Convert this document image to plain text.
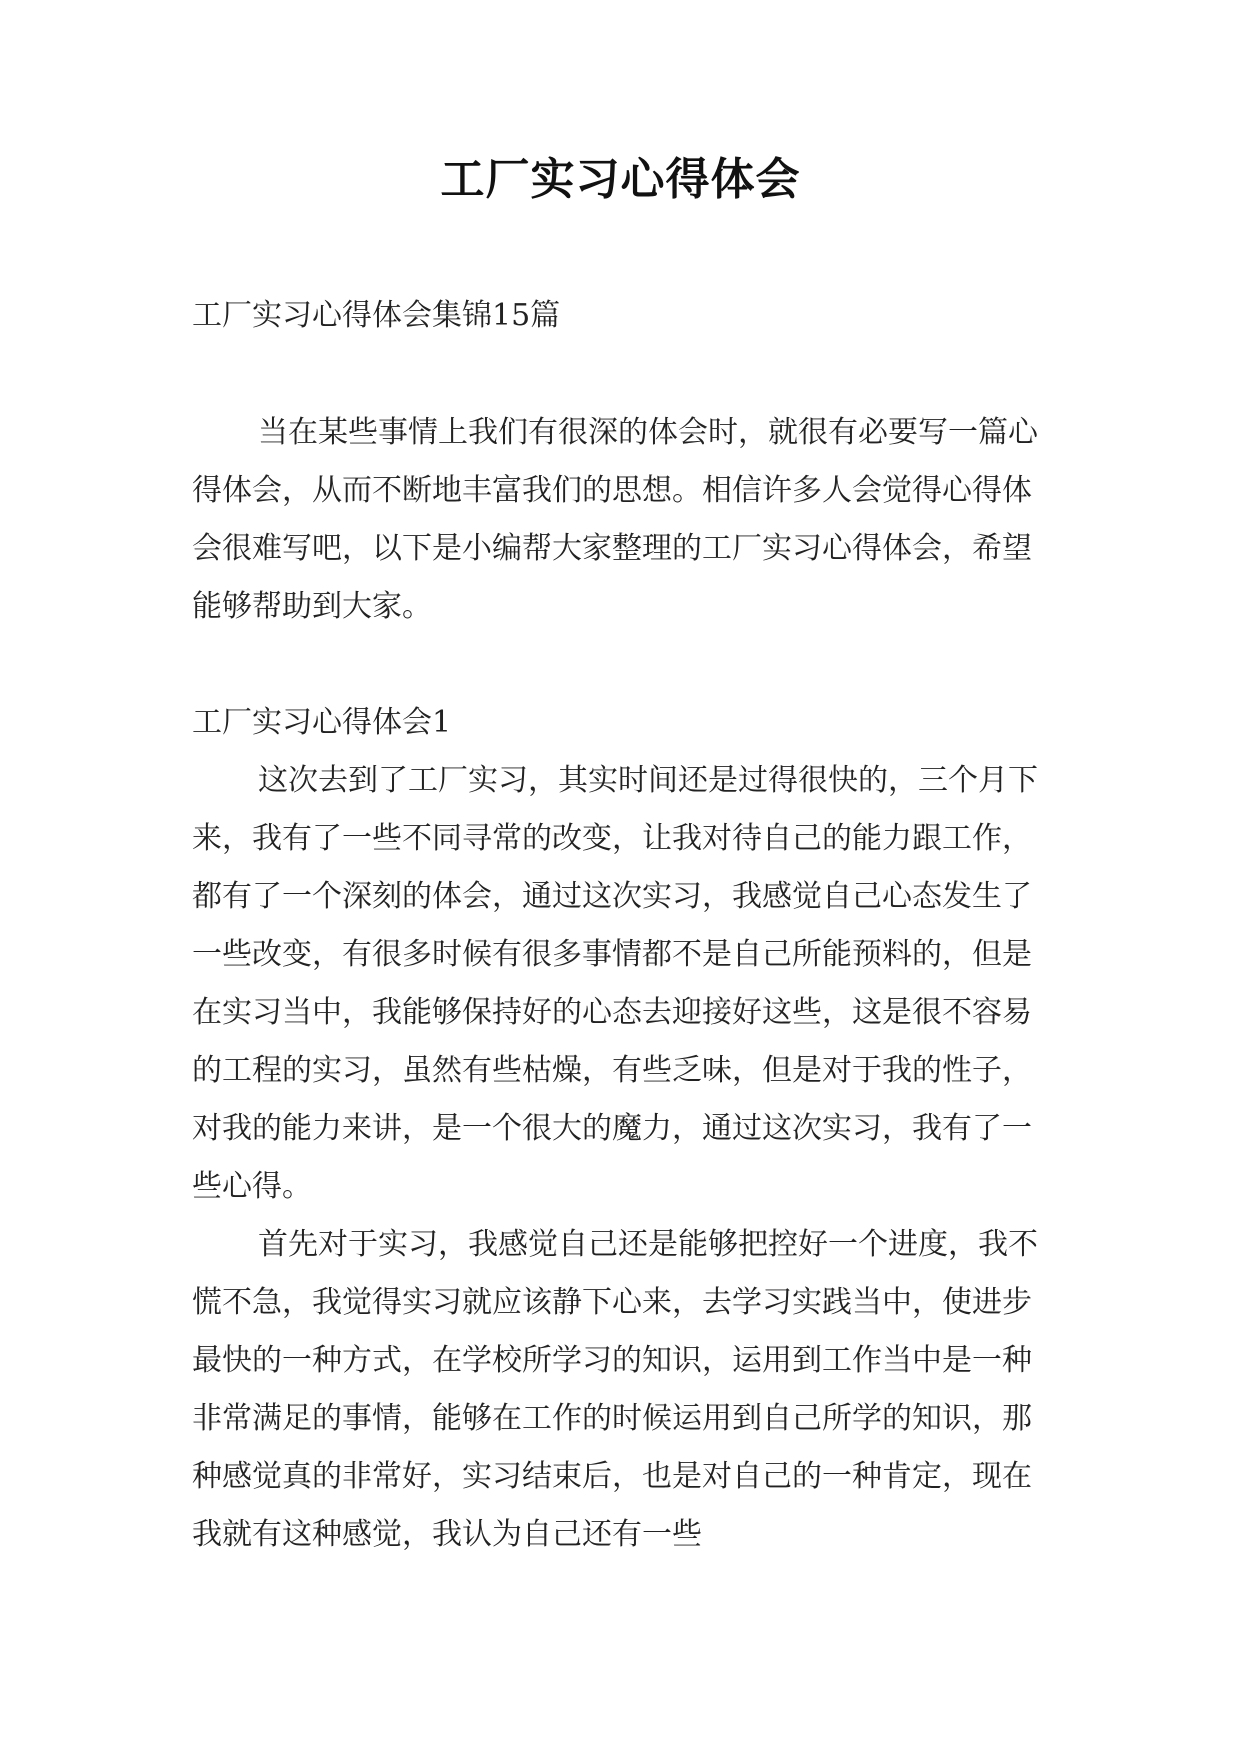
工厂实习心得体会
工厂实习心得体会集锦15篇
当在某些事情上我们有很深的体会时，就很有必要写一篇心得体会，从而不断地丰富我们的思想。相信许多人会觉得心得体会很难写吧，以下是小编帮大家整理的工厂实习心得体会，希望能够帮助到大家。
工厂实习心得体会1
这次去到了工厂实习，其实时间还是过得很快的，三个月下来，我有了一些不同寻常的改变，让我对待自己的能力跟工作，都有了一个深刻的体会，通过这次实习，我感觉自己心态发生了一些改变，有很多时候有很多事情都不是自己所能预料的，但是在实习当中，我能够保持好的心态去迎接好这些，这是很不容易的工程的实习，虽然有些枯燥，有些乏味，但是对于我的性子，对我的能力来讲，是一个很大的魔力，通过这次实习，我有了一些心得。
首先对于实习，我感觉自己还是能够把控好一个进度，我不慌不急，我觉得实习就应该静下心来，去学习实践当中，使进步最快的一种方式，在学校所学习的知识，运用到工作当中是一种非常满足的事情，能够在工作的时候运用到自己所学的知识，那种感觉真的非常好，实习结束后，也是对自己的一种肯定，现在我就有这种感觉，我认为自己还有一些
